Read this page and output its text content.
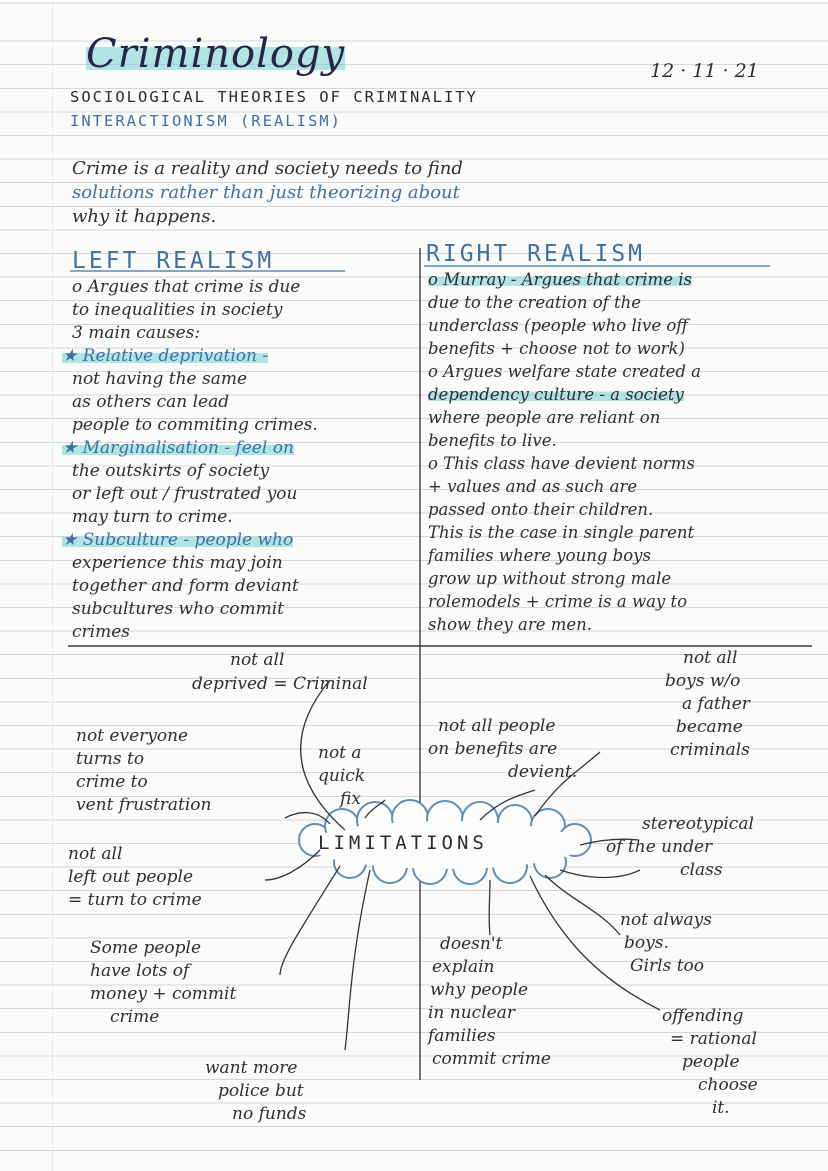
Criminology	12 · 11 · 21
SOCIOLOGICAL THEORIES OF CRIMINALITY
INTERACTIONISM (REALISM)
Crime is a reality and society needs to find
solutions rather than just theorizing about
why it happens.
LEFT REALISM	RIGHT REALISM
o Argues that crime is due
to inequalities in society
3 main causes:
★ Relative deprivation -
not having the same
as others can lead
people to commiting crimes.
★ Marginalisation - feel on
the outskirts of society
or left out / frustrated you
may turn to crime.
★ Subculture - people who
experience this may join
together and form deviant
subcultures who commit
crimes
o Murray - Argues that crime is
due to the creation of the
underclass (people who live off
benefits + choose not to work)
o Argues welfare state created a
dependency culture - a society
where people are reliant on
benefits to live.
o This class have devient norms
+ values and as such are
passed onto their children.
This is the case in single parent
families where young boys
grow up without strong male
rolemodels + crime is a way to
show they are men.
LIMITATIONS
not all
deprived = Criminal
not everyone
turns to
crime to
vent frustration
not a
quick
fix
not all
left out people
= turn to crime
Some people
have lots of
money + commit
crime
want more
police but
no funds
not all people
on benefits are
devient.
not all
boys w/o
a father
became
criminals
stereotypical
of the under
class
not always
boys.
Girls too
doesn't
explain
why people
in nuclear
families
commit crime
offending
= rational
people
choose
it.
